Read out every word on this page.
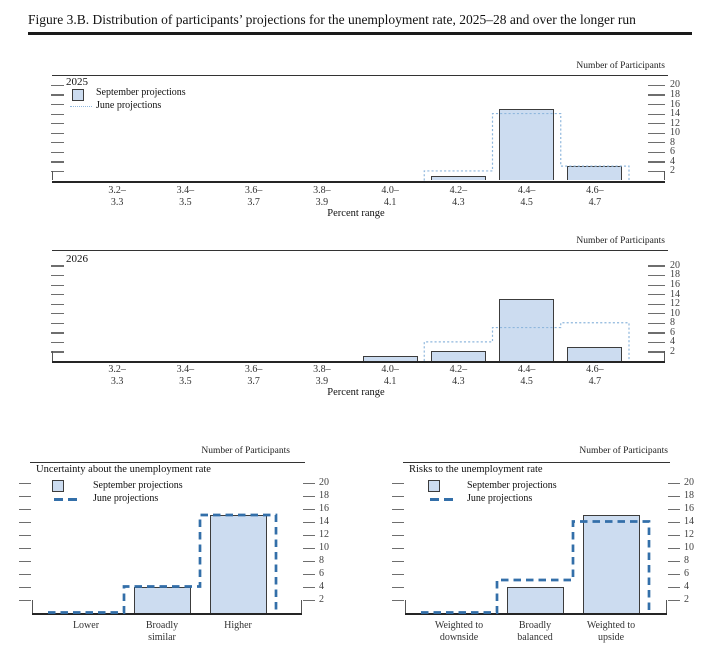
Figure 3.B. Distribution of participants’ projections for the unemployment rate, 2025–28 and over the longer run
Number of Participants
2025
September projections
June projections
2
4
6
8
10
12
14
16
18
20
3.2–
3.3
3.4–
3.5
3.6–
3.7
3.8–
3.9
4.0–
4.1
4.2–
4.3
4.4–
4.5
4.6–
4.7
Percent range
Number of Participants
2026
2
4
6
8
10
12
14
16
18
20
3.2–
3.3
3.4–
3.5
3.6–
3.7
3.8–
3.9
4.0–
4.1
4.2–
4.3
4.4–
4.5
4.6–
4.7
Percent range
Number of Participants
Uncertainty about the unemployment rate
September projections
June projections
2
4
6
8
10
12
14
16
18
20
Lower	Broadly
similar
Higher
Number of Participants
Risks to the unemployment rate
September projections
June projections
2
4
6
8
10
12
14
16
18
20
Weighted to
downside
Broadly
balanced
Weighted to
upside
